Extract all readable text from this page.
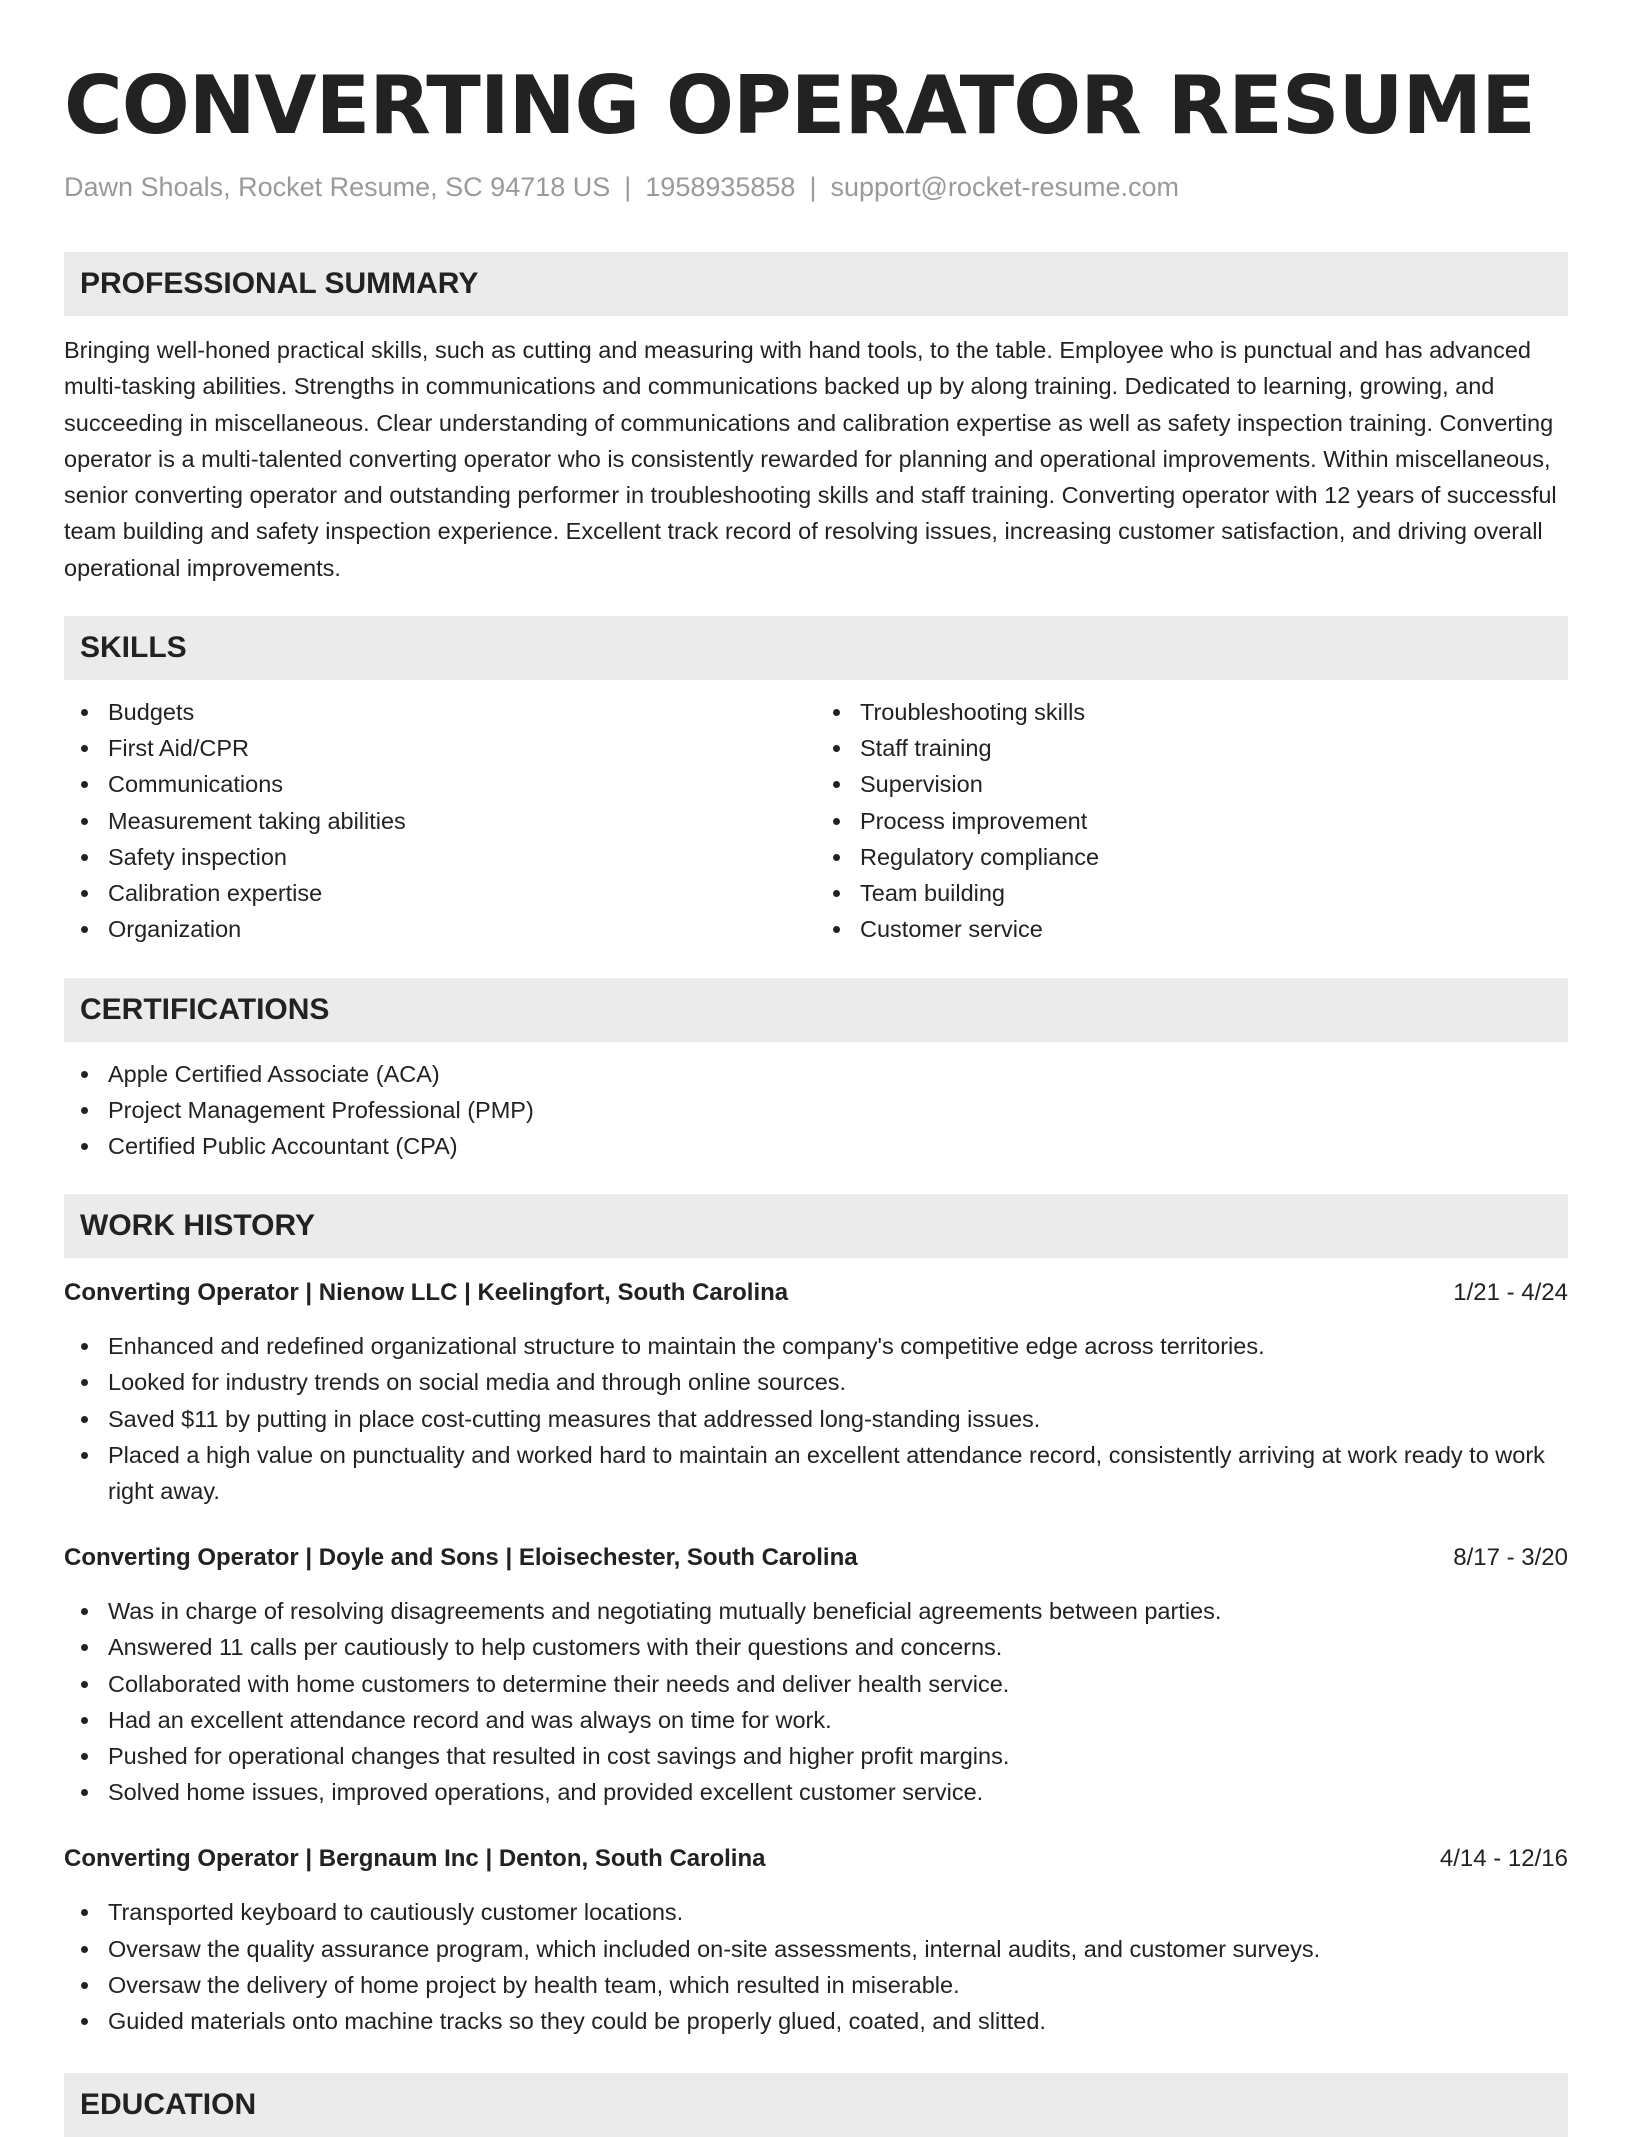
CONVERTING OPERATOR RESUME
Dawn Shoals, Rocket Resume, SC 94718 US | 1958935858 | support@rocket-resume.com
PROFESSIONAL SUMMARY

Bringing well-honed practical skills, such as cutting and measuring with hand tools, to the table. Employee who is punctual and has advanced multi-tasking abilities. Strengths in communications and communications backed up by along training. Dedicated to learning, growing, and succeeding in miscellaneous. Clear understanding of communications and calibration expertise as well as safety inspection training. Converting operator is a multi-talented converting operator who is consistently rewarded for planning and operational improvements. Within miscellaneous, senior converting operator and outstanding performer in troubleshooting skills and staff training. Converting operator with 12 years of successful team building and safety inspection experience. Excellent track record of resolving issues, increasing customer satisfaction, and driving overall operational improvements.

SKILLS
Budgets
First Aid/CPR
Communications
Measurement taking abilities
Safety inspection
Calibration expertise
Organization
Troubleshooting skills
Staff training
Supervision
Process improvement
Regulatory compliance
Team building
Customer service
CERTIFICATIONS
Apple Certified Associate (ACA)
Project Management Professional (PMP)
Certified Public Accountant (CPA)
WORK HISTORY
Converting Operator | Nienow LLC | Keelingfort, South Carolina	1/21 - 4/24
Enhanced and redefined organizational structure to maintain the company's competitive edge across territories.
Looked for industry trends on social media and through online sources.
Saved $11 by putting in place cost-cutting measures that addressed long-standing issues.
Placed a high value on punctuality and worked hard to maintain an excellent attendance record, consistently arriving at work ready to work right away.
Converting Operator | Doyle and Sons | Eloisechester, South Carolina	8/17 - 3/20
Was in charge of resolving disagreements and negotiating mutually beneficial agreements between parties.
Answered 11 calls per cautiously to help customers with their questions and concerns.
Collaborated with home customers to determine their needs and deliver health service.
Had an excellent attendance record and was always on time for work.
Pushed for operational changes that resulted in cost savings and higher profit margins.
Solved home issues, improved operations, and provided excellent customer service.
Converting Operator | Bergnaum Inc | Denton, South Carolina	4/14 - 12/16
Transported keyboard to cautiously customer locations.
Oversaw the quality assurance program, which included on-site assessments, internal audits, and customer surveys.
Oversaw the delivery of home project by health team, which resulted in miserable.
Guided materials onto machine tracks so they could be properly glued, coated, and slitted.
EDUCATION
